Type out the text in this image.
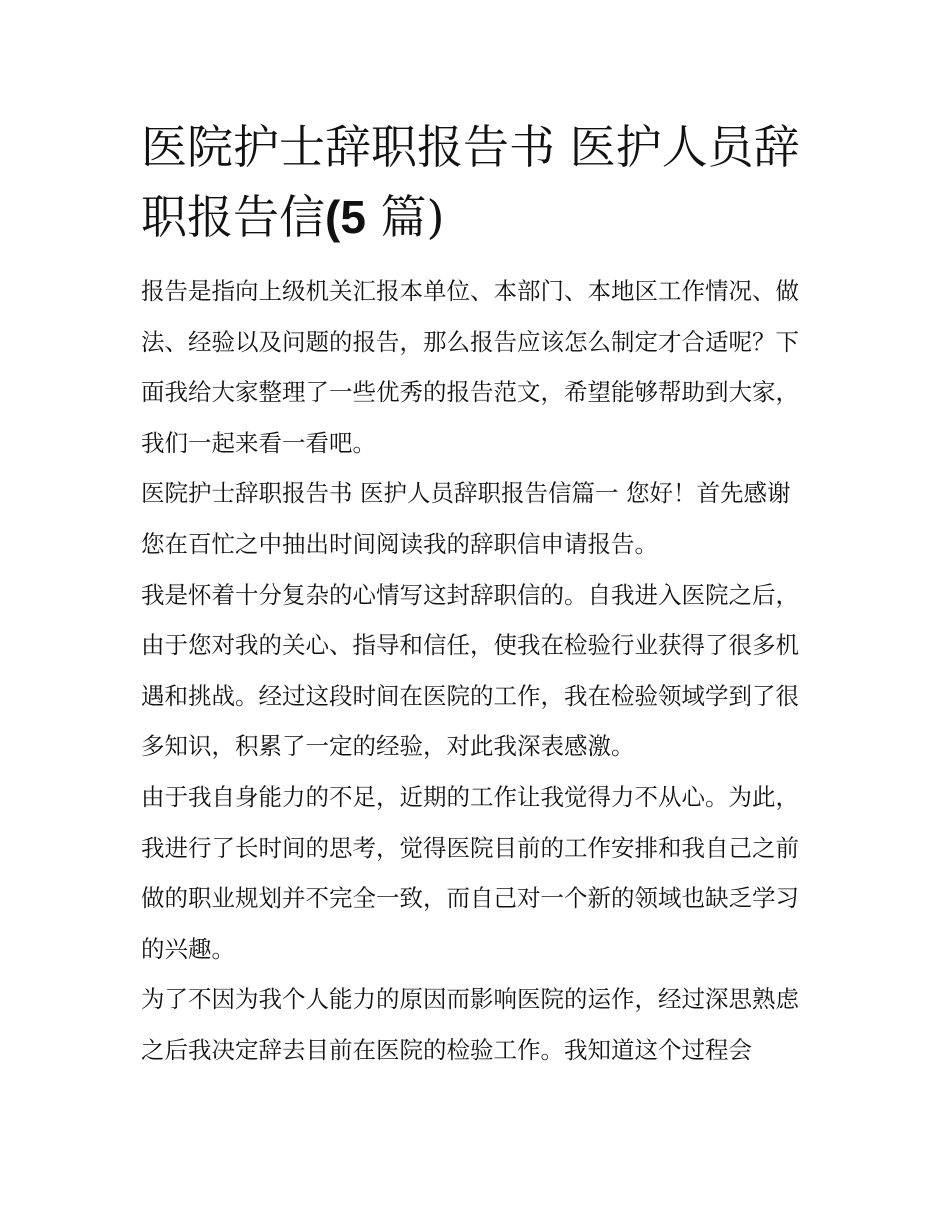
医院护士辞职报告书 医护人员辞职报告信(5 篇)

报告是指向上级机关汇报本单位、本部门、本地区工作情况、做法、经验以及问题的报告，那么报告应该怎么制定才合适呢？下面我给大家整理了一些优秀的报告范文，希望能够帮助到大家，我们一起来看一看吧。

医院护士辞职报告书 医护人员辞职报告信篇一 您好！首先感谢您在百忙之中抽出时间阅读我的辞职信申请报告。

我是怀着十分复杂的心情写这封辞职信的。自我进入医院之后，由于您对我的关心、指导和信任，使我在检验行业获得了很多机遇和挑战。经过这段时间在医院的工作，我在检验领域学到了很多知识，积累了一定的经验，对此我深表感激。

由于我自身能力的不足，近期的工作让我觉得力不从心。为此，我进行了长时间的思考，觉得医院目前的工作安排和我自己之前做的职业规划并不完全一致，而自己对一个新的领域也缺乏学习的兴趣。

为了不因为我个人能力的原因而影响医院的运作，经过深思熟虑之后我决定辞去目前在医院的检验工作。我知道这个过程会
